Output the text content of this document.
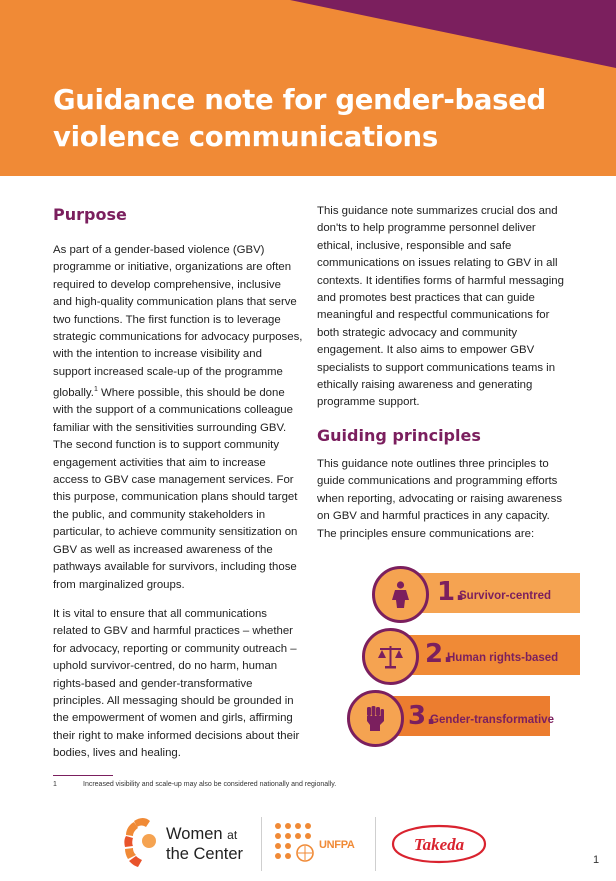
Guidance note for gender-based violence communications
Purpose

As part of a gender-based violence (GBV) programme or initiative, organizations are often required to develop comprehensive, inclusive and high-quality communication plans that serve two functions. The first function is to leverage strategic communications for advocacy purposes, with the intention to increase visibility and support increased scale-up of the programme globally.$^1$ Where possible, this should be done with the support of a communications colleague familiar with the sensitivities surrounding GBV. The second function is to support community engagement activities that aim to increase access to GBV case management services. For this purpose, communication plans should target the public, and community stakeholders in particular, to achieve community sensitization on GBV as well as increased awareness of the pathways available for survivors, including those from marginalized groups.

It is vital to ensure that all communications related to GBV and harmful practices – whether for advocacy, reporting or community outreach – uphold survivor-centred, do no harm, human rights-based and gender-transformative principles. All messaging should be grounded in the empowerment of women and girls, affirming their right to make informed decisions about their bodies, lives and healing.

This guidance note summarizes crucial dos and don'ts to help programme personnel deliver ethical, inclusive, responsible and safe communications on issues relating to GBV in all contexts. It identifies forms of harmful messaging and promotes best practices that can guide meaningful and respectful communications for both strategic advocacy and community engagement. It also aims to empower GBV specialists to support communications teams in ethically raising awareness and generating programme support.

Guiding principles

This guidance note outlines three principles to guide communications and programming efforts when reporting, advocating or raising awareness on GBV and harmful practices in any capacity. The principles ensure communications are:

1.
Survivor-centred
2.
Human rights-based
3.
Gender-transformative
1	Increased visibility and scale-up may also be considered nationally and regionally.
Women at
the Center	UNFPA	Takeda
1
